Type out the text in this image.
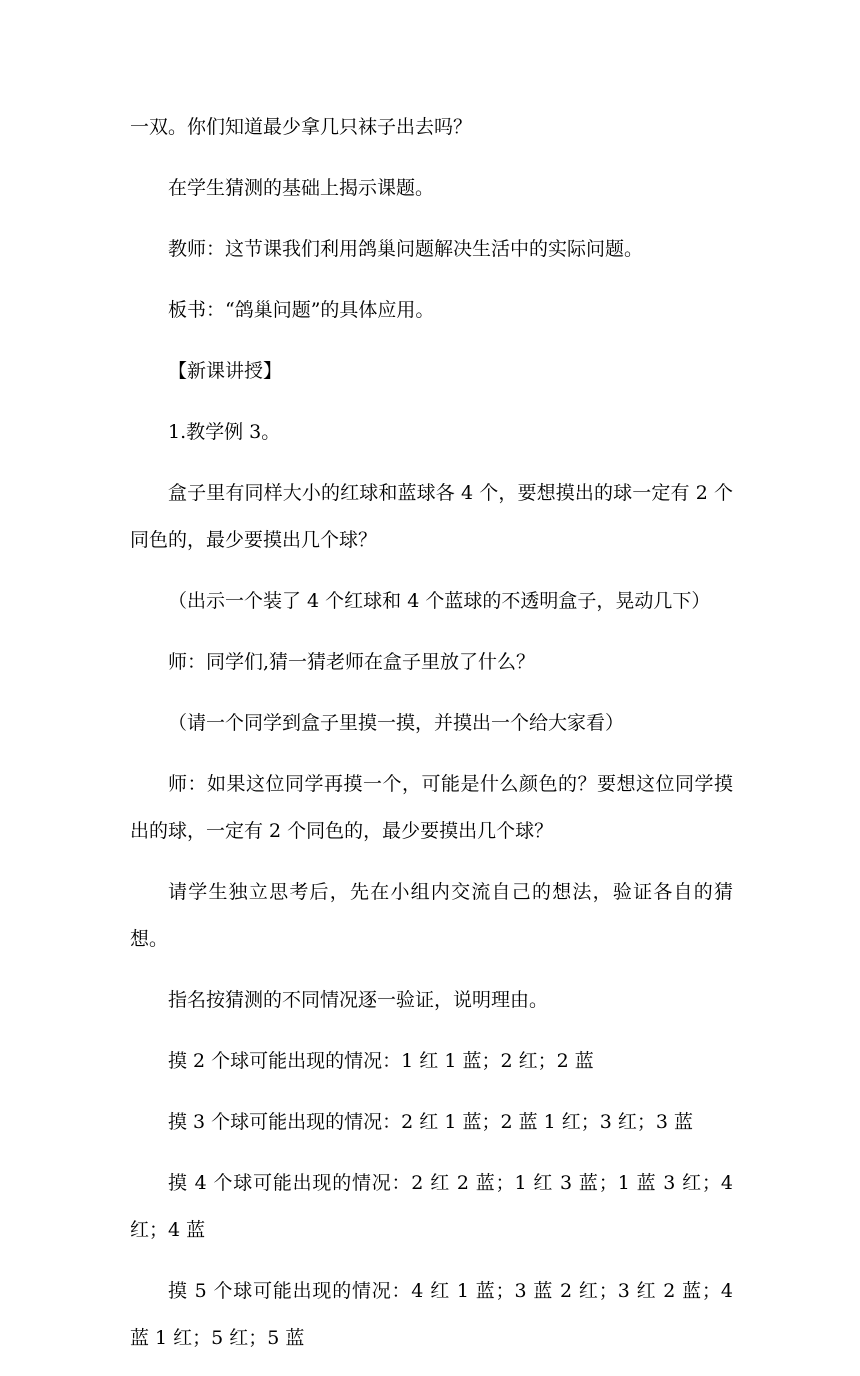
一双。你们知道最少拿几只袜子出去吗？

在学生猜测的基础上揭示课题。

教师：这节课我们利用鸽巢问题解决生活中的实际问题。

板书：“鸽巢问题”的具体应用。

【新课讲授】

1.教学例 3。

盒子里有同样大小的红球和蓝球各 4 个，要想摸出的球一定有 2 个同色的，最少要摸出几个球？

（出示一个装了 4 个红球和 4 个蓝球的不透明盒子，晃动几下）

师：同学们,猜一猜老师在盒子里放了什么？

（请一个同学到盒子里摸一摸，并摸出一个给大家看）

师：如果这位同学再摸一个，可能是什么颜色的？要想这位同学摸出的球，一定有 2 个同色的，最少要摸出几个球？

请学生独立思考后，先在小组内交流自己的想法，验证各自的猜想。

指名按猜测的不同情况逐一验证，说明理由。

摸 2 个球可能出现的情况：1 红 1 蓝；2 红；2 蓝

摸 3 个球可能出现的情况：2 红 1 蓝；2 蓝 1 红；3 红；3 蓝

摸 4 个球可能出现的情况：2 红 2 蓝；1 红 3 蓝；1 蓝 3 红；4 红；4 蓝

摸 5 个球可能出现的情况：4 红 1 蓝；3 蓝 2 红；3 红 2 蓝；4 蓝 1 红；5 红；5 蓝
